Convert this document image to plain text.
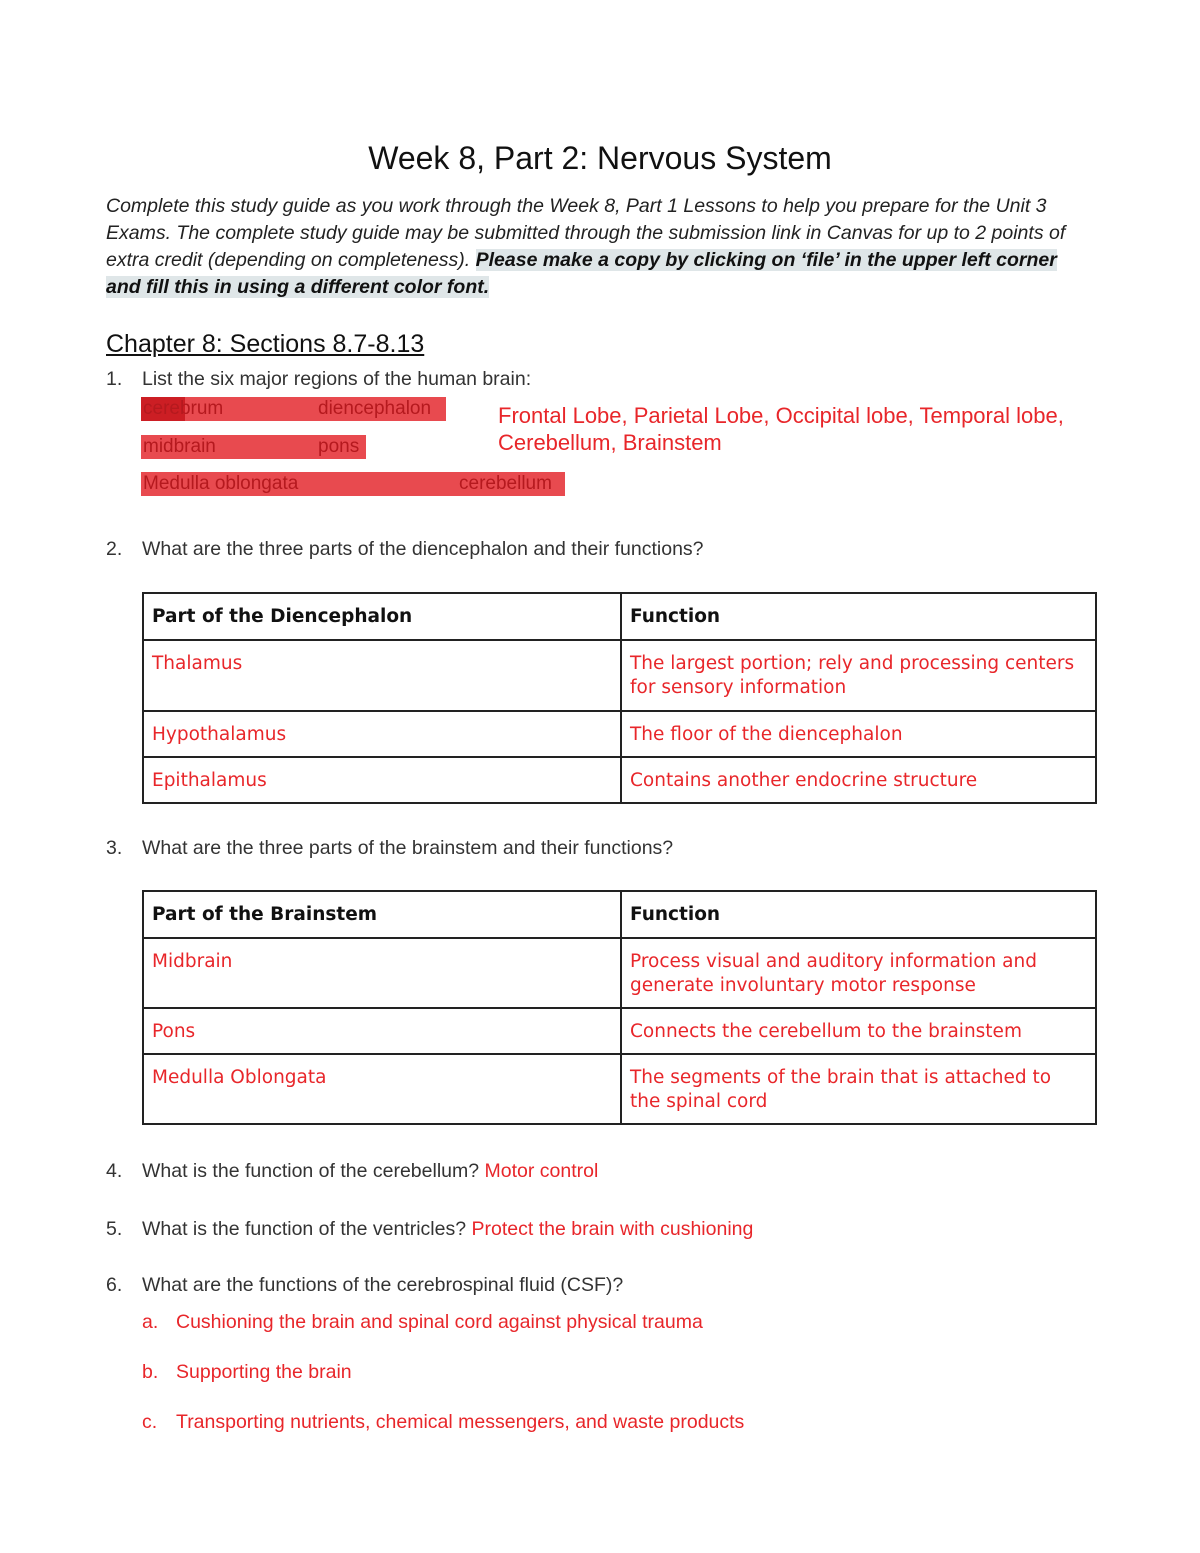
Week 8, Part 2: Nervous System
Complete this study guide as you work through the Week 8, Part 1 Lessons to help you prepare for the Unit 3 Exams. The complete study guide may be submitted through the submission link in Canvas for up to 2 points of extra credit (depending on completeness). Please make a copy by clicking on ‘file’ in the upper left corner and fill this in using a different color font.
Chapter 8: Sections 8.7-8.13
1.	List the six major regions of the human brain:
cerebrum	diencephalon
midbrain	pons
Medulla oblongata	cerebellum
Frontal Lobe, Parietal Lobe, Occipital lobe, Temporal lobe, Cerebellum, Brainstem
2.	What are the three parts of the diencephalon and their functions?
Part of the Diencephalon	Function
Thalamus	The largest portion; rely and processing centers for sensory information
Hypothalamus	The floor of the diencephalon
Epithalamus	Contains another endocrine structure
3.	What are the three parts of the brainstem and their functions?
Part of the Brainstem	Function
Midbrain	Process visual and auditory information and generate involuntary motor response
Pons	Connects the cerebellum to the brainstem
Medulla Oblongata	The segments of the brain that is attached to the spinal cord
4.	What is the function of the cerebellum? Motor control
5.	What is the function of the ventricles? Protect the brain with cushioning
6.	What are the functions of the cerebrospinal fluid (CSF)?
a. Cushioning the brain and spinal cord against physical trauma
b. Supporting the brain
c. Transporting nutrients, chemical messengers, and waste products
